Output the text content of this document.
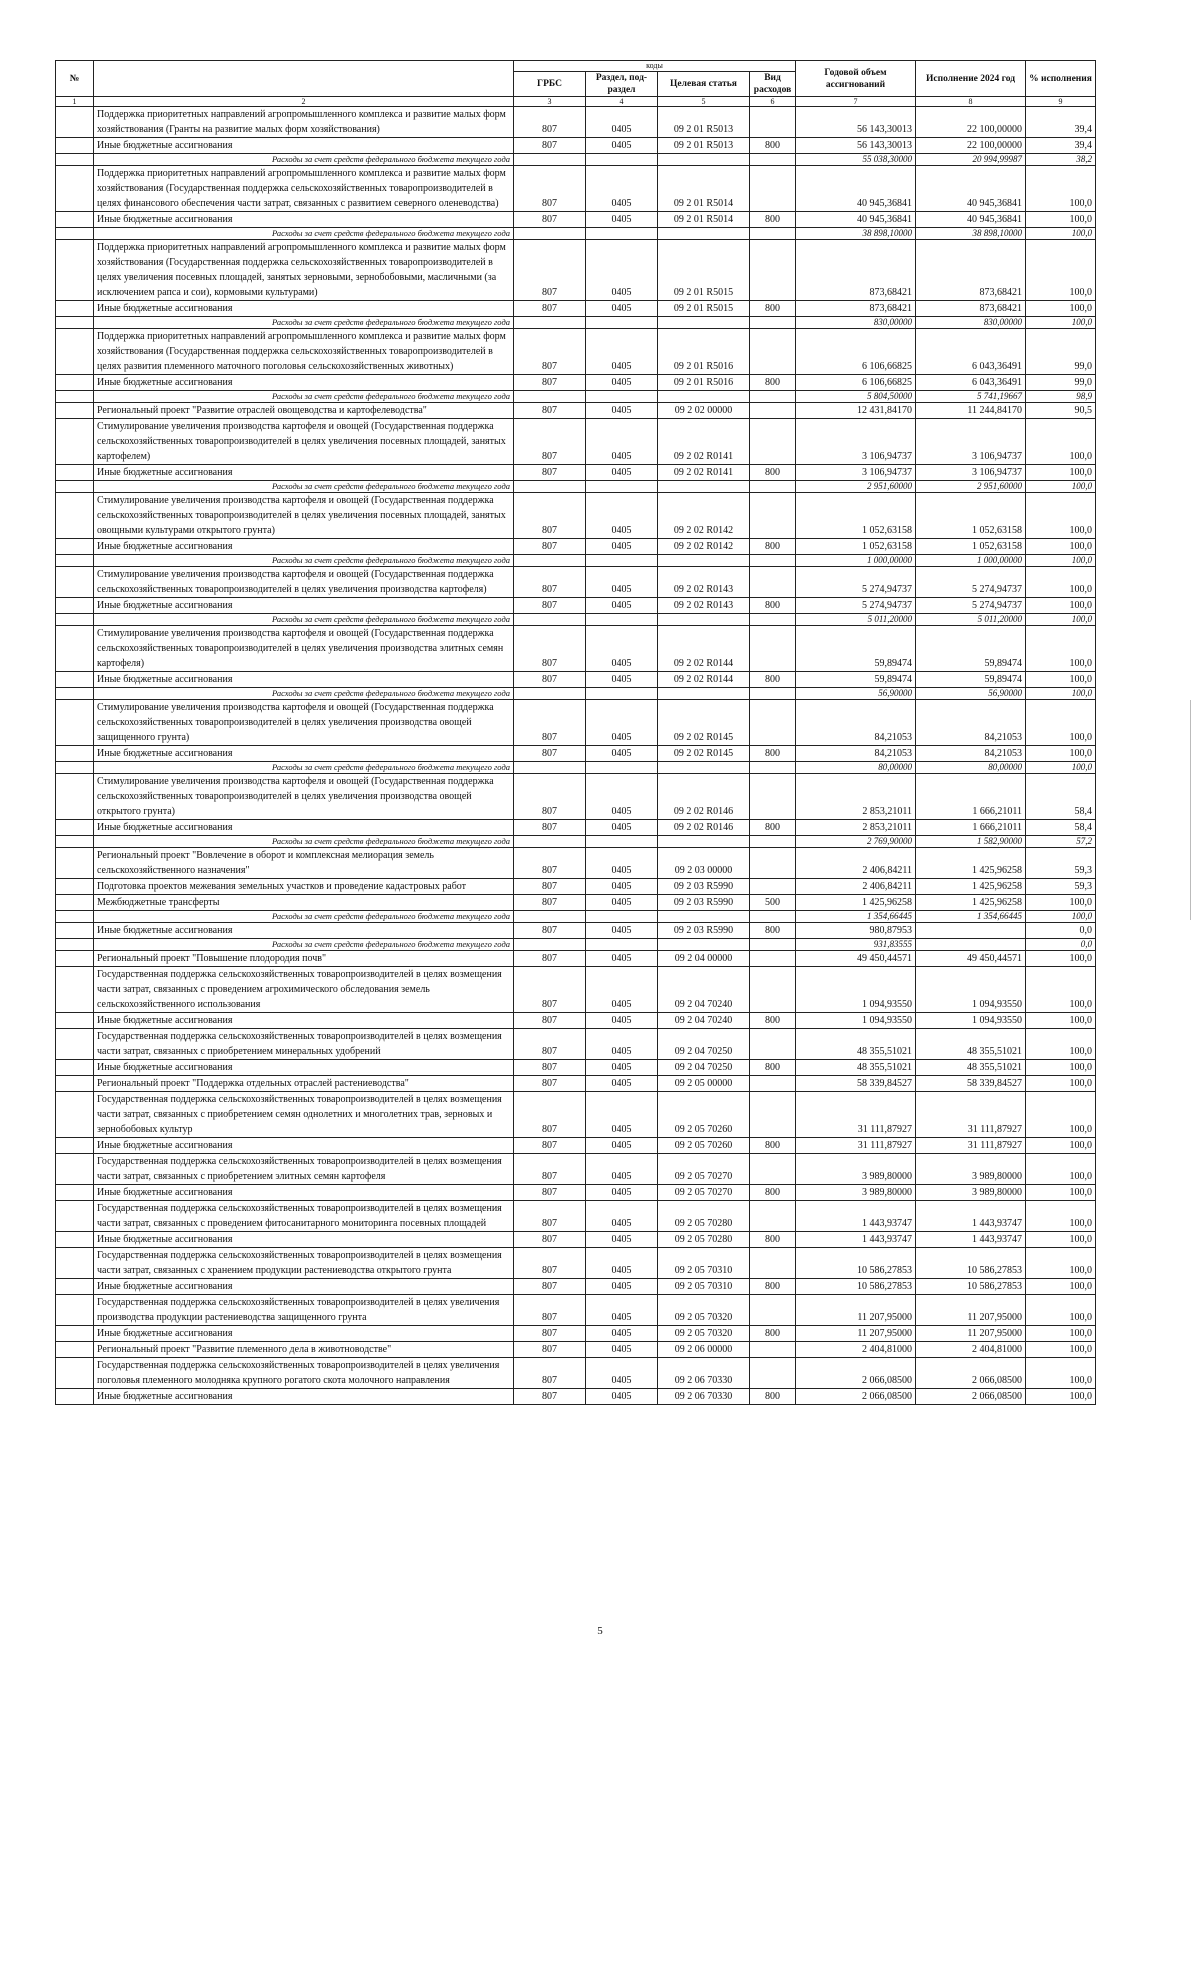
№		коды				Годовой объем ассигнований	Исполнение 2024 год	% исполнения
		ГРБС	Раздел, под-раздел	Целевая статья	Вид расходов			
1	2	3	4	5	6	7	8	9
	Поддержка приоритетных направлений агропромышленного комплекса и развитие малых форм хозяйствования (Гранты на развитие малых форм хозяйствования)	807	0405	09 2 01 R5013		56 143,30013	22 100,00000	39,4
	Иные бюджетные ассигнования	807	0405	09 2 01 R5013	800	56 143,30013	22 100,00000	39,4
	Расходы за счет средств федерального бюджета текущего года					55 038,30000	20 994,99987	38,2
	Поддержка приоритетных направлений агропромышленного комплекса и развитие малых форм хозяйствования (Государственная поддержка сельскохозяйственных товаропроизводителей в целях финансового обеспечения части затрат, связанных с развитием северного оленеводства)	807	0405	09 2 01 R5014		40 945,36841	40 945,36841	100,0
	Иные бюджетные ассигнования	807	0405	09 2 01 R5014	800	40 945,36841	40 945,36841	100,0
	Расходы за счет средств федерального бюджета текущего года					38 898,10000	38 898,10000	100,0
	Поддержка приоритетных направлений агропромышленного комплекса и развитие малых форм хозяйствования (Государственная поддержка сельскохозяйственных товаропроизводителей в целях увеличения посевных площадей, занятых зерновыми, зернобобовыми, масличными (за исключением рапса и сои), кормовыми культурами)	807	0405	09 2 01 R5015		873,68421	873,68421	100,0
	Иные бюджетные ассигнования	807	0405	09 2 01 R5015	800	873,68421	873,68421	100,0
	Расходы за счет средств федерального бюджета текущего года					830,00000	830,00000	100,0
	Поддержка приоритетных направлений агропромышленного комплекса и развитие малых форм хозяйствования (Государственная поддержка сельскохозяйственных товаропроизводителей в целях развития племенного маточного поголовья сельскохозяйственных животных)	807	0405	09 2 01 R5016		6 106,66825	6 043,36491	99,0
	Иные бюджетные ассигнования	807	0405	09 2 01 R5016	800	6 106,66825	6 043,36491	99,0
	Расходы за счет средств федерального бюджета текущего года					5 804,50000	5 741,19667	98,9
	Региональный проект "Развитие отраслей овощеводства и картофелеводства"	807	0405	09 2 02 00000		12 431,84170	11 244,84170	90,5
	Стимулирование увеличения производства картофеля и овощей (Государственная поддержка сельскохозяйственных товаропроизводителей в целях увеличения посевных площадей, занятых картофелем)	807	0405	09 2 02 R0141		3 106,94737	3 106,94737	100,0
	Иные бюджетные ассигнования	807	0405	09 2 02 R0141	800	3 106,94737	3 106,94737	100,0
	Расходы за счет средств федерального бюджета текущего года					2 951,60000	2 951,60000	100,0
	Стимулирование увеличения производства картофеля и овощей (Государственная поддержка сельскохозяйственных товаропроизводителей в целях увеличения посевных площадей, занятых овощными культурами открытого грунта)	807	0405	09 2 02 R0142		1 052,63158	1 052,63158	100,0
	Иные бюджетные ассигнования	807	0405	09 2 02 R0142	800	1 052,63158	1 052,63158	100,0
	Расходы за счет средств федерального бюджета текущего года					1 000,00000	1 000,00000	100,0
	Стимулирование увеличения производства картофеля и овощей (Государственная поддержка сельскохозяйственных товаропроизводителей в целях увеличения производства картофеля)	807	0405	09 2 02 R0143		5 274,94737	5 274,94737	100,0
	Иные бюджетные ассигнования	807	0405	09 2 02 R0143	800	5 274,94737	5 274,94737	100,0
	Расходы за счет средств федерального бюджета текущего года					5 011,20000	5 011,20000	100,0
	Стимулирование увеличения производства картофеля и овощей (Государственная поддержка сельскохозяйственных товаропроизводителей в целях увеличения производства элитных семян картофеля)	807	0405	09 2 02 R0144		59,89474	59,89474	100,0
	Иные бюджетные ассигнования	807	0405	09 2 02 R0144	800	59,89474	59,89474	100,0
	Расходы за счет средств федерального бюджета текущего года					56,90000	56,90000	100,0
	Стимулирование увеличения производства картофеля и овощей (Государственная поддержка сельскохозяйственных товаропроизводителей в целях увеличения производства овощей защищенного грунта)	807	0405	09 2 02 R0145		84,21053	84,21053	100,0
	Иные бюджетные ассигнования	807	0405	09 2 02 R0145	800	84,21053	84,21053	100,0
	Расходы за счет средств федерального бюджета текущего года					80,00000	80,00000	100,0
	Стимулирование увеличения производства картофеля и овощей (Государственная поддержка сельскохозяйственных товаропроизводителей в целях увеличения производства овощей открытого грунта)	807	0405	09 2 02 R0146		2 853,21011	1 666,21011	58,4
	Иные бюджетные ассигнования	807	0405	09 2 02 R0146	800	2 853,21011	1 666,21011	58,4
	Расходы за счет средств федерального бюджета текущего года					2 769,90000	1 582,90000	57,2
	Региональный проект "Вовлечение в оборот и комплексная мелиорация земель сельскохозяйственного назначения"	807	0405	09 2 03 00000		2 406,84211	1 425,96258	59,3
	Подготовка проектов межевания земельных участков и проведение кадастровых работ	807	0405	09 2 03 R5990		2 406,84211	1 425,96258	59,3
	Межбюджетные трансферты	807	0405	09 2 03 R5990	500	1 425,96258	1 425,96258	100,0
	Расходы за счет средств федерального бюджета текущего года					1 354,66445	1 354,66445	100,0
	Иные бюджетные ассигнования	807	0405	09 2 03 R5990	800	980,87953		0,0
	Расходы за счет средств федерального бюджета текущего года					931,83555		0,0
	Региональный проект "Повышение плодородия почв"	807	0405	09 2 04 00000		49 450,44571	49 450,44571	100,0
	Государственная поддержка сельскохозяйственных товаропроизводителей в целях возмещения части затрат, связанных с проведением агрохимического обследования земель сельскохозяйственного использования	807	0405	09 2 04 70240		1 094,93550	1 094,93550	100,0
	Иные бюджетные ассигнования	807	0405	09 2 04 70240	800	1 094,93550	1 094,93550	100,0
	Государственная поддержка сельскохозяйственных товаропроизводителей в целях возмещения части затрат, связанных с приобретением минеральных удобрений	807	0405	09 2 04 70250		48 355,51021	48 355,51021	100,0
	Иные бюджетные ассигнования	807	0405	09 2 04 70250	800	48 355,51021	48 355,51021	100,0
	Региональный проект "Поддержка отдельных отраслей растениеводства"	807	0405	09 2 05 00000		58 339,84527	58 339,84527	100,0
	Государственная поддержка сельскохозяйственных товаропроизводителей в целях возмещения части затрат, связанных с приобретением семян однолетних и многолетних трав, зерновых и зернобобовых культур	807	0405	09 2 05 70260		31 111,87927	31 111,87927	100,0
	Иные бюджетные ассигнования	807	0405	09 2 05 70260	800	31 111,87927	31 111,87927	100,0
	Государственная поддержка сельскохозяйственных товаропроизводителей в целях возмещения части затрат, связанных с приобретением элитных семян картофеля	807	0405	09 2 05 70270		3 989,80000	3 989,80000	100,0
	Иные бюджетные ассигнования	807	0405	09 2 05 70270	800	3 989,80000	3 989,80000	100,0
	Государственная поддержка сельскохозяйственных товаропроизводителей в целях возмещения части затрат, связанных с проведением фитосанитарного мониторинга посевных площадей	807	0405	09 2 05 70280		1 443,93747	1 443,93747	100,0
	Иные бюджетные ассигнования	807	0405	09 2 05 70280	800	1 443,93747	1 443,93747	100,0
	Государственная поддержка сельскохозяйственных товаропроизводителей в целях возмещения части затрат, связанных с хранением продукции растениеводства открытого грунта	807	0405	09 2 05 70310		10 586,27853	10 586,27853	100,0
	Иные бюджетные ассигнования	807	0405	09 2 05 70310	800	10 586,27853	10 586,27853	100,0
	Государственная поддержка сельскохозяйственных товаропроизводителей в целях увеличения производства продукции растениеводства защищенного грунта	807	0405	09 2 05 70320		11 207,95000	11 207,95000	100,0
	Иные бюджетные ассигнования	807	0405	09 2 05 70320	800	11 207,95000	11 207,95000	100,0
	Региональный проект "Развитие племенного дела в животноводстве"	807	0405	09 2 06 00000		2 404,81000	2 404,81000	100,0
	Государственная поддержка сельскохозяйственных товаропроизводителей в целях увеличения поголовья племенного молодняка крупного рогатого скота молочного направления	807	0405	09 2 06 70330		2 066,08500	2 066,08500	100,0
	Иные бюджетные ассигнования	807	0405	09 2 06 70330	800	2 066,08500	2 066,08500	100,0
5
